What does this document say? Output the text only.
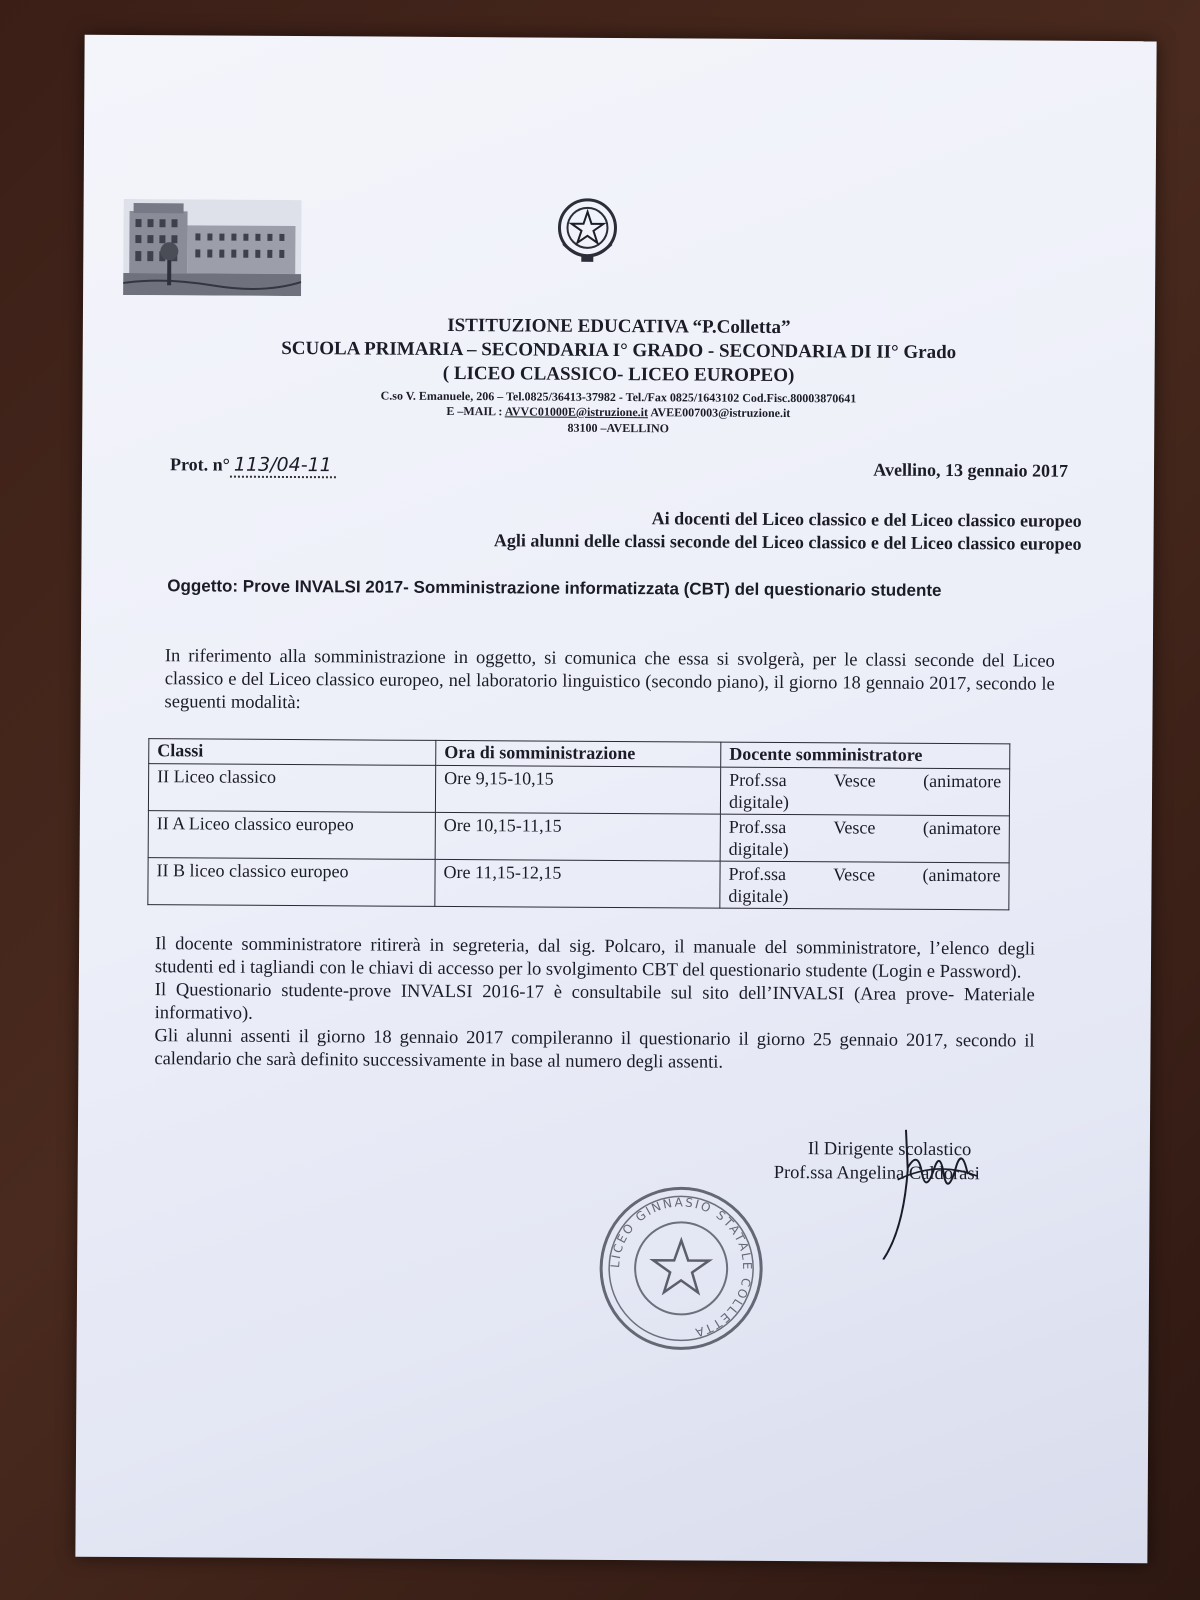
ISTITUZIONE EDUCATIVA “P.Colletta”
SCUOLA PRIMARIA – SECONDARIA I° GRADO - SECONDARIA DI II° Grado
( LICEO CLASSICO- LICEO EUROPEO)
C.so V. Emanuele, 206 – Tel.0825/36413-37982 - Tel./Fax 0825/1643102 Cod.Fisc.80003870641
E –MAIL : AVVC01000E@istruzione.it AVEE007003@istruzione.it
83100 –AVELLINO
Prot. n° 113/04-11	Avellino, 13 gennaio 2017
Ai docenti del Liceo classico e del Liceo classico europeo
Agli alunni delle classi seconde del Liceo classico e del Liceo classico europeo
Oggetto: Prove INVALSI 2017- Somministrazione informatizzata (CBT) del questionario studente
In riferimento alla somministrazione in oggetto, si comunica che essa si svolgerà, per le classi seconde del Liceo classico e del Liceo classico europeo, nel laboratorio linguistico (secondo piano), il giorno 18 gennaio 2017, secondo le seguenti modalità:
Classi	Ora di somministrazione	Docente somministratore
II Liceo classico	Ore 9,15-10,15	Prof.ssa Vesce (animatore
digitale)

II A Liceo classico europeo	Ore 10,15-11,15	Prof.ssa Vesce (animatore
digitale)

II B liceo classico europeo	Ore 11,15-12,15	Prof.ssa Vesce (animatore
digitale)
Il docente somministratore ritirerà in segreteria, dal sig. Polcaro, il manuale del somministratore, l’elenco degli studenti ed i tagliandi con le chiavi di accesso per lo svolgimento CBT del questionario studente (Login e Password).
Il Questionario studente-prove INVALSI 2016-17 è consultabile sul sito dell’INVALSI (Area prove- Materiale informativo).
Gli alunni assenti il giorno 18 gennaio 2017 compileranno il questionario il giorno 25 gennaio 2017, secondo il calendario che sarà definito successivamente in base al numero degli assenti.
Il Dirigente scolastico
Prof.ssa Angelina Caldorasi
LICEO GINNASIO STATALE COLLETTA
